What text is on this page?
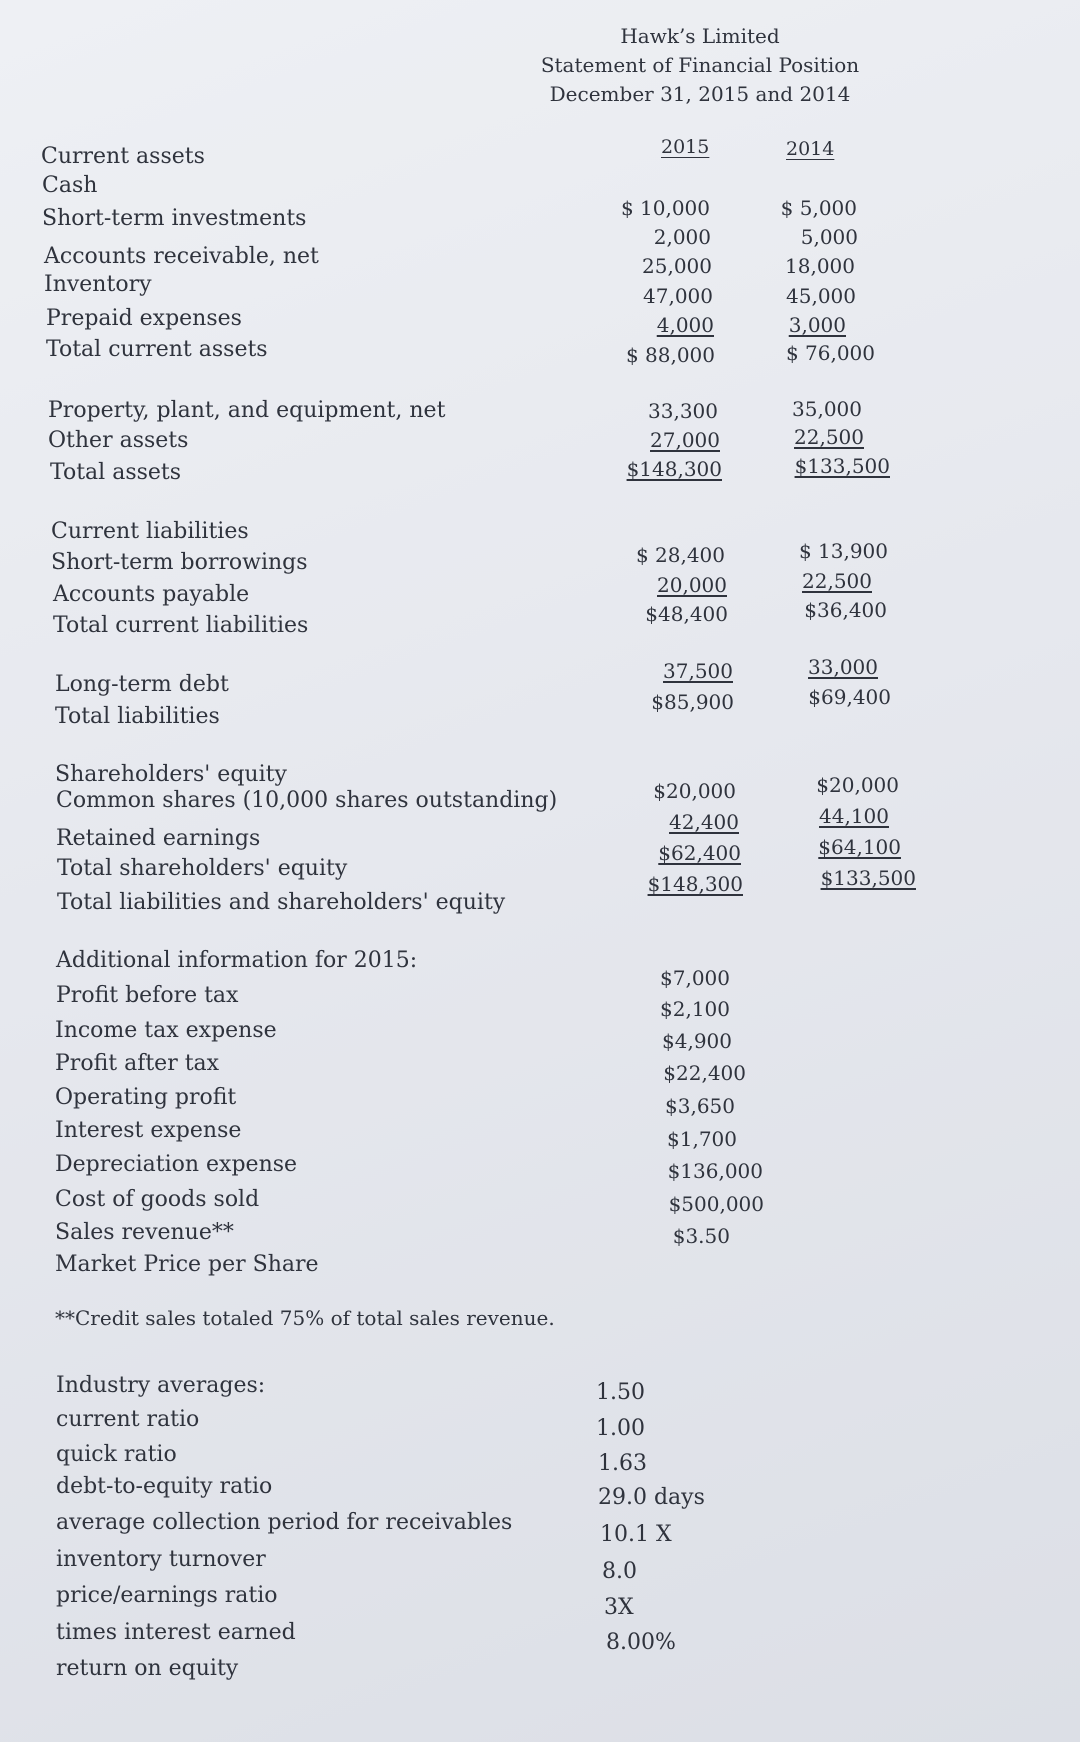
Hawk’s Limited
Statement of Financial Position
December 31, 2015 and 2014
2015	2014
Current assets
Cash
Short-term investments
Accounts receivable, net
Inventory
Prepaid expenses
Total current assets
$ 10,000
2,000
25,000
47,000
4,000
$ 88,000
$ 5,000
5,000
18,000
45,000
3,000
$ 76,000
Property, plant, and equipment, net
Other assets
Total assets
33,300
27,000
$148,300
35,000
22,500
$133,500
Current liabilities
Short-term borrowings
Accounts payable
Total current liabilities
$ 28,400
20,000
$48,400
$ 13,900
22,500
$36,400
Long-term debt
Total liabilities
37,500
$85,900
33,000
$69,400
Shareholders' equity
Common shares (10,000 shares outstanding)
Retained earnings
Total shareholders' equity
Total liabilities and shareholders' equity
$20,000
42,400
$62,400
$148,300
$20,000
44,100
$64,100
$133,500
Additional information for 2015:
Profit before tax
Income tax expense
Profit after tax
Operating profit
Interest expense
Depreciation expense
Cost of goods sold
Sales revenue**
Market Price per Share
$7,000
$2,100
$4,900
$22,400
$3,650
$1,700
$136,000
$500,000
$3.50
**Credit sales totaled 75% of total sales revenue.
Industry averages:
current ratio
quick ratio
debt-to-equity ratio
average collection period for receivables
inventory turnover
price/earnings ratio
times interest earned
return on equity
1.50
1.00
1.63
29.0 days
10.1 X
8.0
3X
8.00%
